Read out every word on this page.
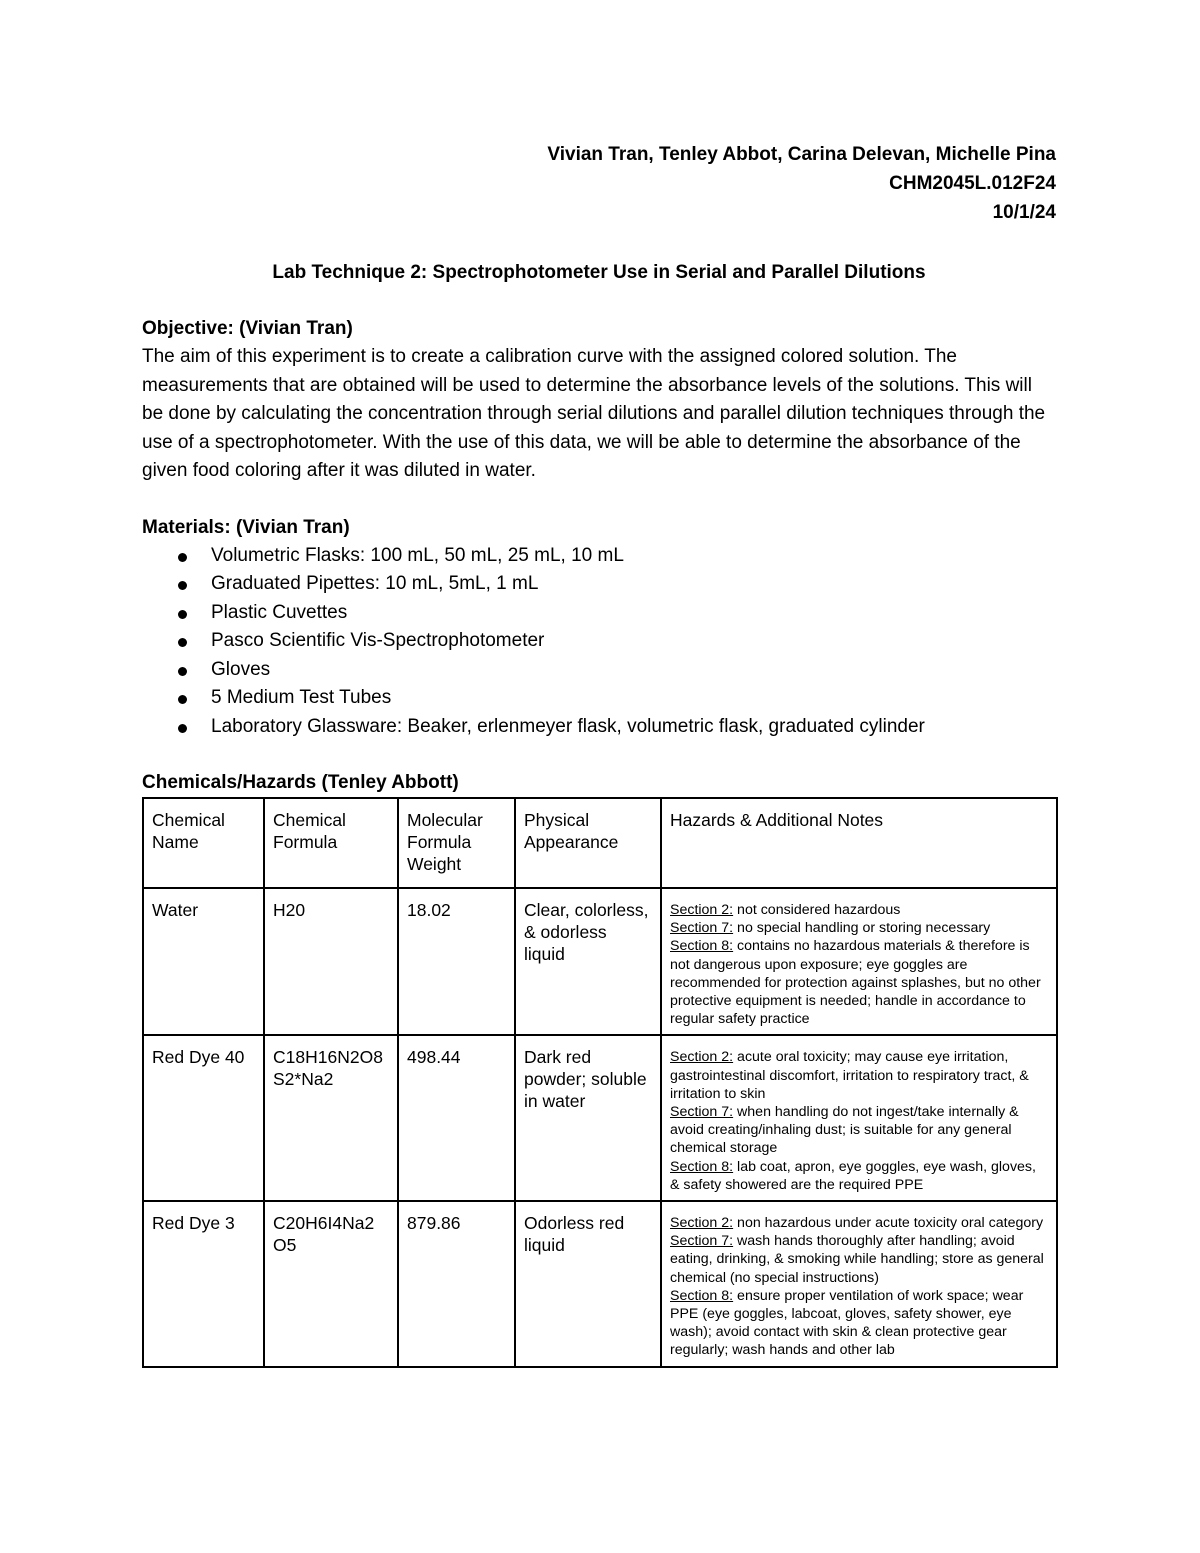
Vivian Tran, Tenley Abbot, Carina Delevan, Michelle Pina
CHM2045L.012F24
10/1/24
Lab Technique 2: Spectrophotometer Use in Serial and Parallel Dilutions
Objective: (Vivian Tran)
The aim of this experiment is to create a calibration curve with the assigned colored solution. The measurements that are obtained will be used to determine the absorbance levels of the solutions. This will be done by calculating the concentration through serial dilutions and parallel dilution techniques through the use of a spectrophotometer. With the use of this data, we will be able to determine the absorbance of the given food coloring after it was diluted in water.
Materials: (Vivian Tran)
Volumetric Flasks: 100 mL, 50 mL, 25 mL, 10 mL
Graduated Pipettes: 10 mL, 5mL, 1 mL
Plastic Cuvettes
Pasco Scientific Vis-Spectrophotometer
Gloves
5 Medium Test Tubes
Laboratory Glassware: Beaker, erlenmeyer flask, volumetric flask, graduated cylinder
Chemicals/Hazards (Tenley Abbott)
Chemical Name	Chemical Formula	Molecular Formula Weight	Physical Appearance	Hazards & Additional Notes
Water	H20	18.02	Clear, colorless, & odorless liquid	Section 2: not considered hazardous
Section 7: no special handling or storing necessary
Section 8: contains no hazardous materials & therefore is not dangerous upon exposure; eye goggles are recommended for protection against splashes, but no other protective equipment is needed; handle in accordance to regular safety practice

Red Dye 40	C18H16N2O8 S2*Na2	498.44	Dark red powder; soluble in water	Section 2: acute oral toxicity; may cause eye irritation, gastrointestinal discomfort, irritation to respiratory tract, & irritation to skin
Section 7: when handling do not ingest/take internally & avoid creating/inhaling dust; is suitable for any general chemical storage
Section 8: lab coat, apron, eye goggles, eye wash, gloves, & safety showered are the required PPE

Red Dye 3	C20H6I4Na2 O5	879.86	Odorless red liquid	Section 2: non hazardous under acute toxicity oral category
Section 7: wash hands thoroughly after handling; avoid eating, drinking, & smoking while handling; store as general chemical (no special instructions)
Section 8: ensure proper ventilation of work space; wear PPE (eye goggles, labcoat, gloves, safety shower, eye wash); avoid contact with skin & clean protective gear regularly; wash hands and other lab
